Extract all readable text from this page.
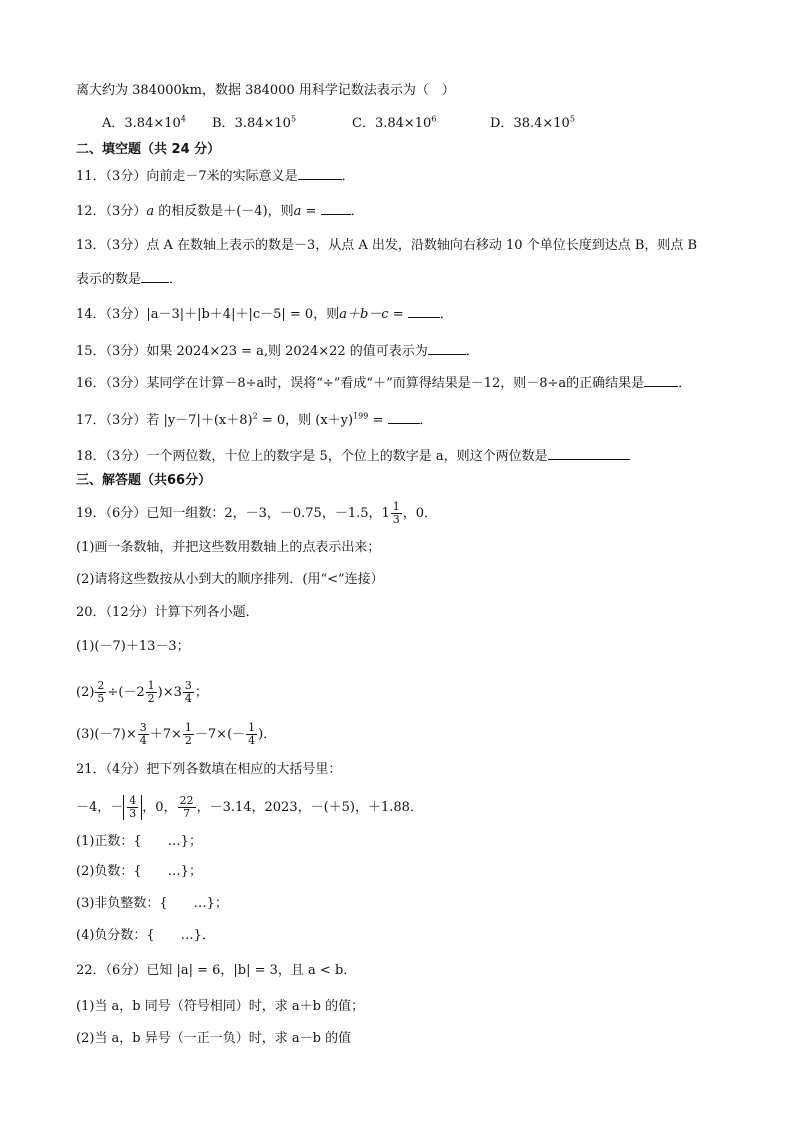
离大约为 384000km，数据 384000 用科学记数法表示为（　）
A．$3.84\times 10^4$ B．$3.84\times 10^5$	C．$3.84\times 10^6$	D．$38.4\times 10^5$
二、填空题（共 24 分）
11．（3分）向前走－7米的实际意义是	．
12．（3分）a 的相反数是＋(－4)，则a = ．
13．（3分）点 A 在数轴上表示的数是－3，从点 A 出发，沿数轴向右移动 10 个单位长度到达点 B，则点 B
表示的数是 ．
14．（3分）|a－3|＋|b＋4|＋|c－5| = 0，则a＋b－c = ．
15．（3分）如果 2024×23 = a,则 2024×22 的值可表示为	．
16．（3分）某同学在计算－8÷a时，误将“÷”看成“＋”而算得结果是－12，则－8÷a的正确结果是	．
17．（3分）若 $|y-7|+(x+8)^2 = 0$，则 $(x+y)^{199}$ = ．
18．（3分）一个两位数，十位上的数字是 5，个位上的数字是 a，则这个两位数是
三、解答题（共66分）
19．（6分）已知一组数：2，－3，－0.75，－1.5，$1 \frac{1}{3}$ ，0．
(1)画一条数轴，并把这些数用数轴上的点表示出来；
(2)请将这些数按从小到大的顺序排列．(用“<”连接）
20．（12分）计算下列各小题．
(1)(－7)＋13－3；
$(2) \frac{2}{5} \div(-2 \frac{1}{2} )\times 3 \frac{3}{4}$ ；
$(3)(-7)\times \frac{3}{4} +7\times \frac{1}{2} -7\times(- \frac{1}{4}$ )．
21．（4分）把下列各数填在相应的大括号里：
－4，－ $\frac{4}{3}$ ，0， $\frac{22}{7}$ ，－3.14，2023，－(＋5)，＋1.88．
(1)正数：{　　…}；
(2)负数：{　　…}；
(3)非负整数：{　　…}；
(4)负分数：{　　…}．
22．（6分）已知 |a| = 6，|b| = 3，且 a < b．
(1)当 a，b 同号（符号相同）时，求 a＋b 的值；
(2)当 a，b 异号（一正一负）时，求 a－b 的值
